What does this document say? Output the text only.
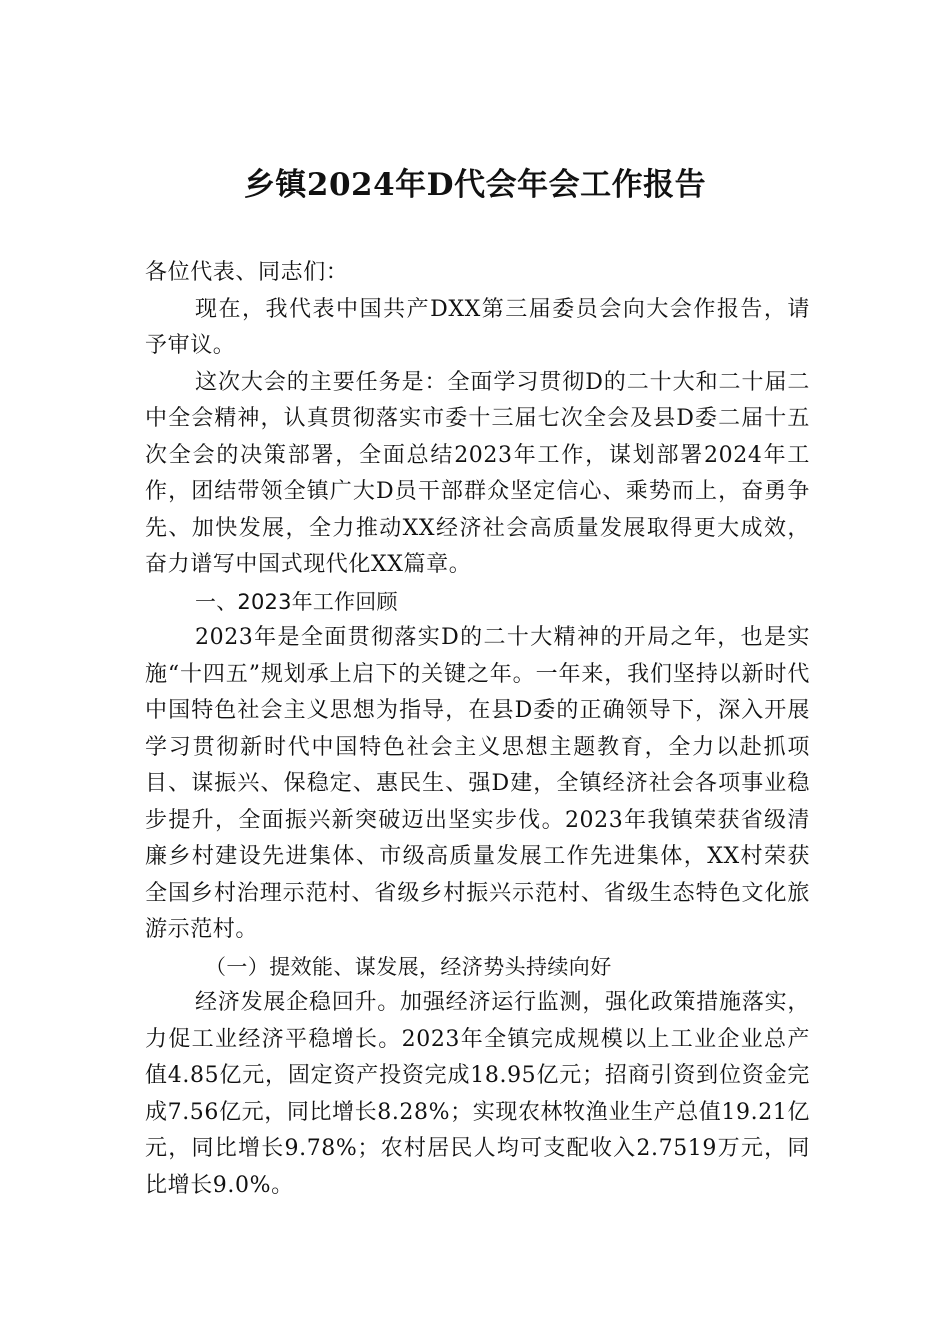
乡镇2024年D代会年会工作报告

各位代表、同志们：

现在，我代表中国共产DXX第三届委员会向大会作报告，请予审议。

这次大会的主要任务是：全面学习贯彻D的二十大和二十届二中全会精神，认真贯彻落实市委十三届七次全会及县D委二届十五次全会的决策部署，全面总结2023年工作，谋划部署2024年工作，团结带领全镇广大D员干部群众坚定信心、乘势而上，奋勇争先、加快发展，全力推动XX经济社会高质量发展取得更大成效，奋力谱写中国式现代化XX篇章。

一、2023年工作回顾

2023年是全面贯彻落实D的二十大精神的开局之年，也是实施“十四五”规划承上启下的关键之年。一年来，我们坚持以新时代中国特色社会主义思想为指导，在县D委的正确领导下，深入开展学习贯彻新时代中国特色社会主义思想主题教育，全力以赴抓项目、谋振兴、保稳定、惠民生、强D建，全镇经济社会各项事业稳步提升，全面振兴新突破迈出坚实步伐。2023年我镇荣获省级清廉乡村建设先进集体、市级高质量发展工作先进集体，XX村荣获全国乡村治理示范村、省级乡村振兴示范村、省级生态特色文化旅游示范村。

（一）提效能、谋发展，经济势头持续向好

经济发展企稳回升。加强经济运行监测，强化政策措施落实，力促工业经济平稳增长。2023年全镇完成规模以上工业企业总产值4.85亿元，固定资产投资完成18.95亿元；招商引资到位资金完成7.56亿元，同比增长8.28%；实现农林牧渔业生产总值19.21亿元，同比增长9.78%；农村居民人均可支配收入2.7519万元，同比增长9.0%。
